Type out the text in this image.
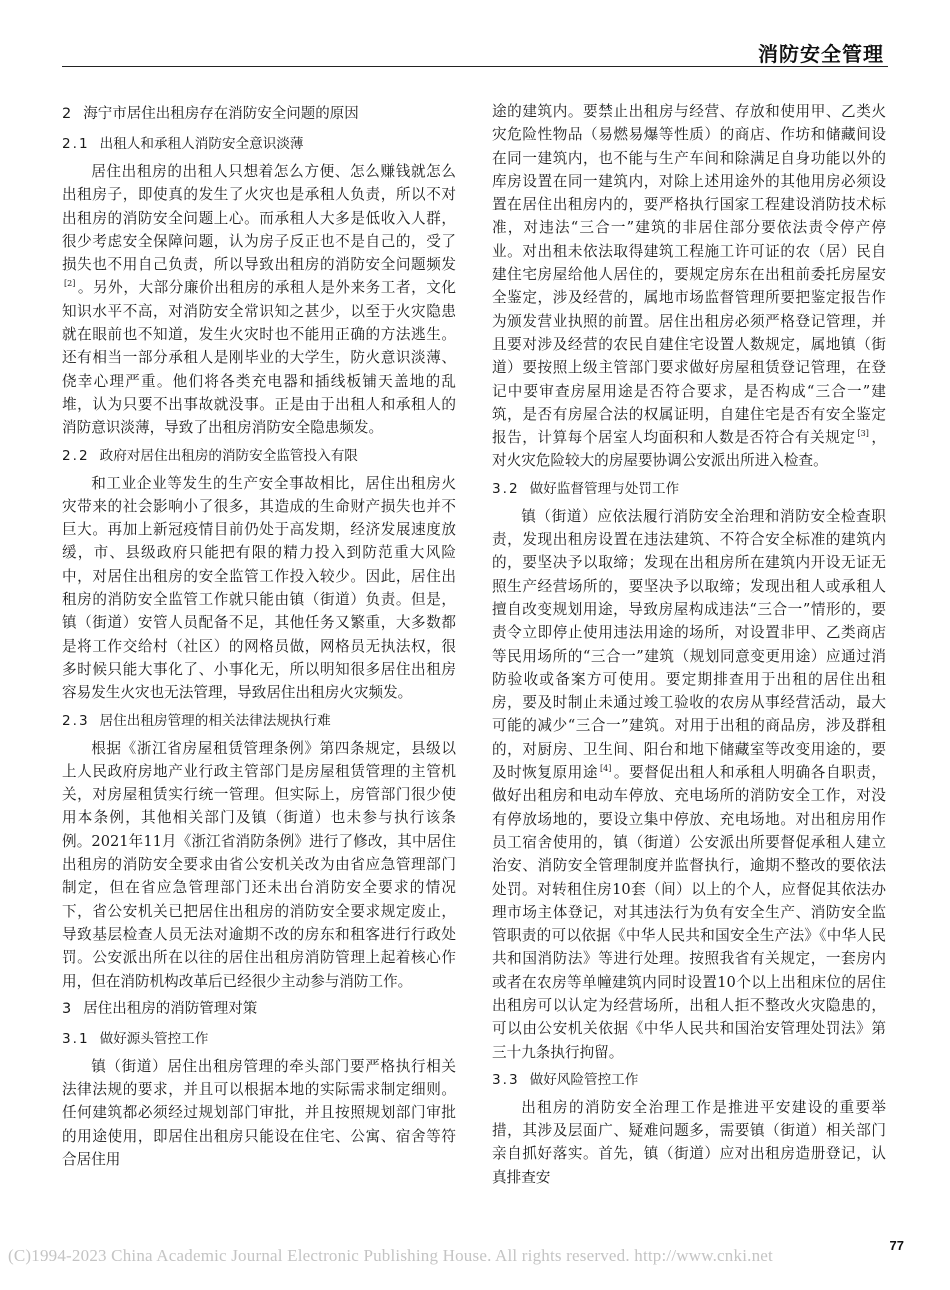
消防安全管理
2 海宁市居住出租房存在消防安全问题的原因
2.1 出租人和承租人消防安全意识淡薄

居住出租房的出租人只想着怎么方便、怎么赚钱就怎么出租房子，即使真的发生了火灾也是承租人负责，所以不对出租房的消防安全问题上心。而承租人大多是低收入人群，很少考虑安全保障问题，认为房子反正也不是自己的，受了损失也不用自己负责，所以导致出租房的消防安全问题频发[2] 。另外，大部分廉价出租房的承租人是外来务工者，文化知识水平不高，对消防安全常识知之甚少，以至于火灾隐患就在眼前也不知道，发生火灾时也不能用正确的方法逃生。还有相当一部分承租人是刚毕业的大学生，防火意识淡薄、侥幸心理严重。他们将各类充电器和插线板铺天盖地的乱堆，认为只要不出事故就没事。正是由于出租人和承租人的消防意识淡薄，导致了出租房消防安全隐患频发。

2.2 政府对居住出租房的消防安全监管投入有限

和工业企业等发生的生产安全事故相比，居住出租房火灾带来的社会影响小了很多，其造成的生命财产损失也并不巨大。再加上新冠疫情目前仍处于高发期，经济发展速度放缓，市、县级政府只能把有限的精力投入到防范重大风险中，对居住出租房的安全监管工作投入较少。因此，居住出租房的消防安全监管工作就只能由镇（街道）负责。但是，镇（街道）安管人员配备不足，其他任务又繁重，大多数都是将工作交给村（社区）的网格员做，网格员无执法权，很多时候只能大事化了、小事化无，所以明知很多居住出租房容易发生火灾也无法管理，导致居住出租房火灾频发。

2.3 居住出租房管理的相关法律法规执行难

根据《浙江省房屋租赁管理条例》第四条规定，县级以上人民政府房地产业行政主管部门是房屋租赁管理的主管机关，对房屋租赁实行统一管理。但实际上，房管部门很少使用本条例，其他相关部门及镇（街道）也未参与执行该条例。2021年11月《浙江省消防条例》进行了修改，其中居住出租房的消防安全要求由省公安机关改为由省应急管理部门制定，但在省应急管理部门还未出台消防安全要求的情况下，省公安机关已把居住出租房的消防安全要求规定废止，导致基层检查人员无法对逾期不改的房东和租客进行行政处罚。公安派出所在以往的居住出租房消防管理上起着核心作用，但在消防机构改革后已经很少主动参与消防工作。

3 居住出租房的消防管理对策
3.1 做好源头管控工作

镇（街道）居住出租房管理的牵头部门要严格执行相关法律法规的要求，并且可以根据本地的实际需求制定细则。任何建筑都必须经过规划部门审批，并且按照规划部门审批的用途使用，即居住出租房只能设在住宅、公寓、宿舍等符合居住用

途的建筑内。要禁止出租房与经营、存放和使用甲、乙类火灾危险性物品（易燃易爆等性质）的商店、作坊和储藏间设在同一建筑内，也不能与生产车间和除满足自身功能以外的库房设置在同一建筑内，对除上述用途外的其他用房必须设置在居住出租房内的，要严格执行国家工程建设消防技术标准，对违法“三合一”建筑的非居住部分要依法责令停产停业。对出租未依法取得建筑工程施工许可证的农（居）民自建住宅房屋给他人居住的，要规定房东在出租前委托房屋安全鉴定，涉及经营的，属地市场监督管理所要把鉴定报告作为颁发营业执照的前置。居住出租房必须严格登记管理，并且要对涉及经营的农民自建住宅设置人数规定，属地镇（街道）要按照上级主管部门要求做好房屋租赁登记管理，在登记中要审查房屋用途是否符合要求，是否构成“三合一”建筑，是否有房屋合法的权属证明，自建住宅是否有安全鉴定报告，计算每个居室人均面积和人数是否符合有关规定 [3] ，对火灾危险较大的房屋要协调公安派出所进入检查。

3.2 做好监督管理与处罚工作

镇（街道）应依法履行消防安全治理和消防安全检查职责，发现出租房设置在违法建筑、不符合安全标准的建筑内的，要坚决予以取缔；发现在出租房所在建筑内开设无证无照生产经营场所的，要坚决予以取缔；发现出租人或承租人擅自改变规划用途，导致房屋构成违法“三合一”情形的，要责令立即停止使用违法用途的场所，对设置非甲、乙类商店等民用场所的“三合一”建筑（规划同意变更用途）应通过消防验收或备案方可使用。要定期排查用于出租的居住出租房，要及时制止未通过竣工验收的农房从事经营活动，最大可能的减少“三合一”建筑。对用于出租的商品房，涉及群租的，对厨房、卫生间、阳台和地下储藏室等改变用途的，要及时恢复原用途 [4] 。要督促出租人和承租人明确各自职责，做好出租房和电动车停放、充电场所的消防安全工作，对没有停放场地的，要设立集中停放、充电场地。对出租房用作员工宿舍使用的，镇（街道）公安派出所要督促承租人建立治安、消防安全管理制度并监督执行，逾期不整改的要依法处罚。对转租住房10套（间）以上的个人，应督促其依法办理市场主体登记，对其违法行为负有安全生产、消防安全监管职责的可以依据《中华人民共和国安全生产法》《中华人民共和国消防法》等进行处理。按照我省有关规定，一套房内或者在农房等单幢建筑内同时设置10个以上出租床位的居住出租房可以认定为经营场所，出租人拒不整改火灾隐患的，可以由公安机关依据《中华人民共和国治安管理处罚法》第三十九条执行拘留。

3.3 做好风险管控工作

出租房的消防安全治理工作是推进平安建设的重要举措，其涉及层面广、疑难问题多，需要镇（街道）相关部门亲自抓好落实。首先，镇（街道）应对出租房造册登记，认真排查安

(C)1994-2023 China Academic Journal Electronic Publishing House. All rights reserved. http://www.cnki.net
77
